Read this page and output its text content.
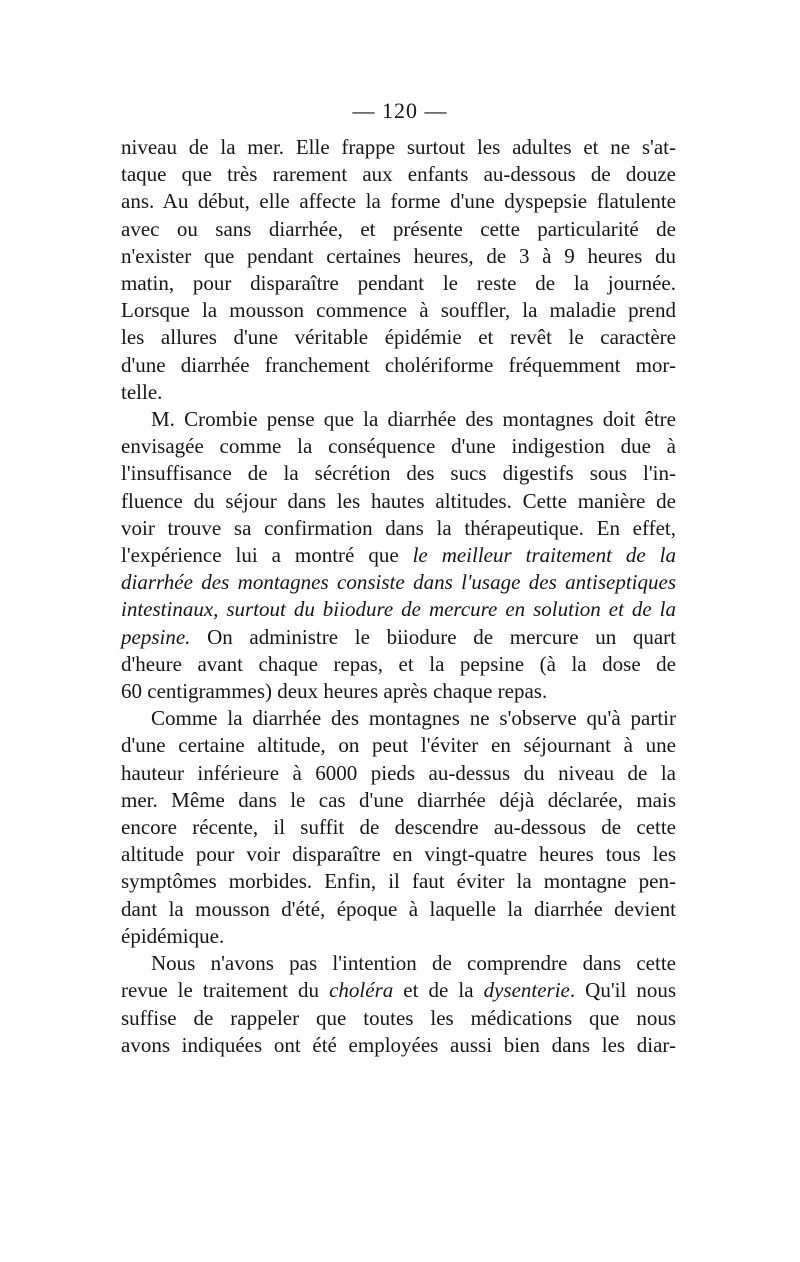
— 120 —

niveau de la mer. Elle frappe surtout les adultes et ne s'at-
taque que très rarement aux enfants au-dessous de douze
ans. Au début, elle affecte la forme d'une dyspepsie flatulente
avec ou sans diarrhée, et présente cette particularité de
n'exister que pendant certaines heures, de 3 à 9 heures du
matin, pour disparaître pendant le reste de la journée.
Lorsque la mousson commence à souffler, la maladie prend
les allures d'une véritable épidémie et revêt le caractère
d'une diarrhée franchement cholériforme fréquemment mor-
telle.

M. Crombie pense que la diarrhée des montagnes doit être
envisagée comme la conséquence d'une indigestion due à
l'insuffisance de la sécrétion des sucs digestifs sous l'in-
fluence du séjour dans les hautes altitudes. Cette manière de
voir trouve sa confirmation dans la thérapeutique. En effet,
l'expérience lui a montré que le meilleur traitement de la
diarrhée des montagnes consiste dans l'usage des antiseptiques
intestinaux, surtout du biiodure de mercure en solution et de la
pepsine. On administre le biiodure de mercure un quart
d'heure avant chaque repas, et la pepsine (à la dose de
60 centigrammes) deux heures après chaque repas.

Comme la diarrhée des montagnes ne s'observe qu'à partir
d'une certaine altitude, on peut l'éviter en séjournant à une
hauteur inférieure à 6000 pieds au-dessus du niveau de la
mer. Même dans le cas d'une diarrhée déjà déclarée, mais
encore récente, il suffit de descendre au-dessous de cette
altitude pour voir disparaître en vingt-quatre heures tous les
symptômes morbides. Enfin, il faut éviter la montagne pen-
dant la mousson d'été, époque à laquelle la diarrhée devient
épidémique.

Nous n'avons pas l'intention de comprendre dans cette
revue le traitement du choléra et de la dysenterie. Qu'il nous
suffise de rappeler que toutes les médications que nous
avons indiquées ont été employées aussi bien dans les diar-
